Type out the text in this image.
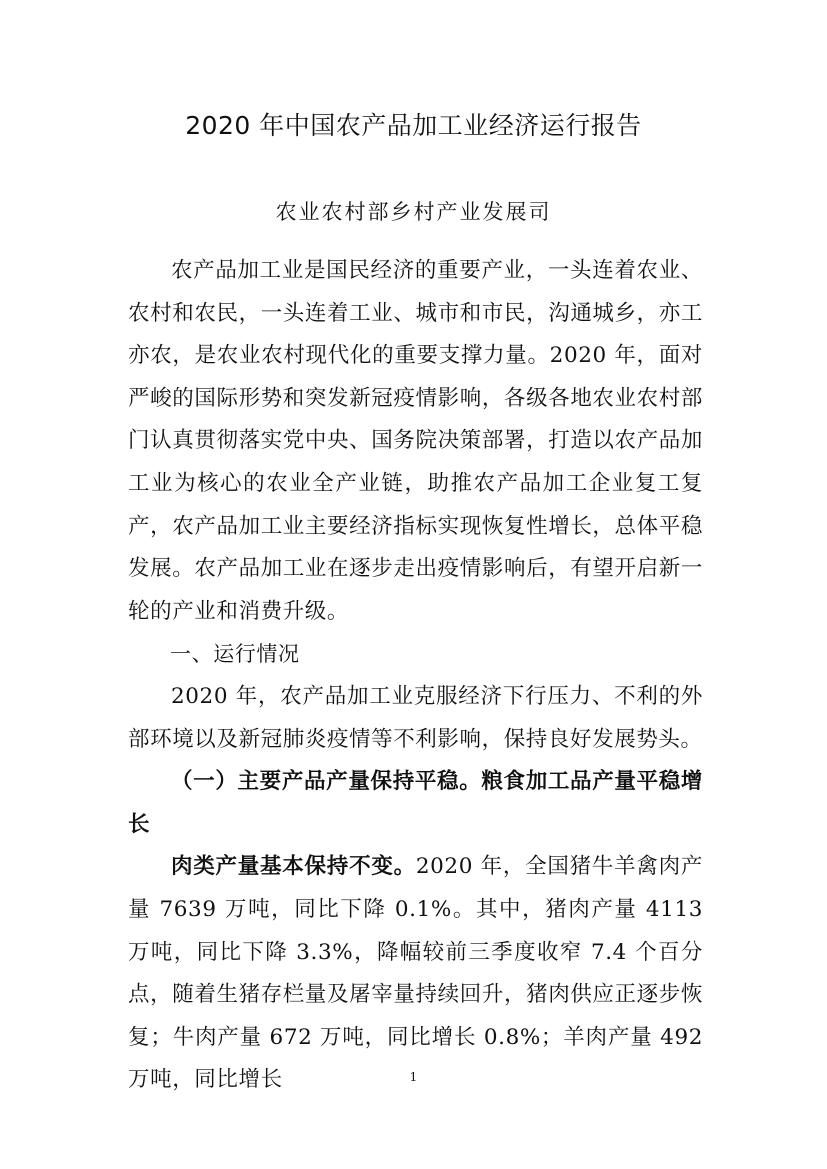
2020 年中国农产品加工业经济运行报告
农业农村部乡村产业发展司

农产品加工业是国民经济的重要产业，一头连着农业、农村和农民，一头连着工业、城市和市民，沟通城乡，亦工亦农，是农业农村现代化的重要支撑力量。2020 年，面对严峻的国际形势和突发新冠疫情影响，各级各地农业农村部门认真贯彻落实党中央、国务院决策部署，打造以农产品加工业为核心的农业全产业链，助推农产品加工企业复工复产，农产品加工业主要经济指标实现恢复性增长，总体平稳发展。农产品加工业在逐步走出疫情影响后，有望开启新一轮的产业和消费升级。

一、运行情况

2020 年，农产品加工业克服经济下行压力、不利的外部环境以及新冠肺炎疫情等不利影响，保持良好发展势头。

（一）主要产品产量保持平稳。粮食加工品产量平稳增长

肉类产量基本保持不变。2020 年，全国猪牛羊禽肉产量 7639 万吨，同比下降 0.1%。其中，猪肉产量 4113 万吨，同比下降 3.3%，降幅较前三季度收窄 7.4 个百分点，随着生猪存栏量及屠宰量持续回升，猪肉供应正逐步恢复；牛肉产量 672 万吨，同比增长 0.8%；羊肉产量 492 万吨，同比增长	1
